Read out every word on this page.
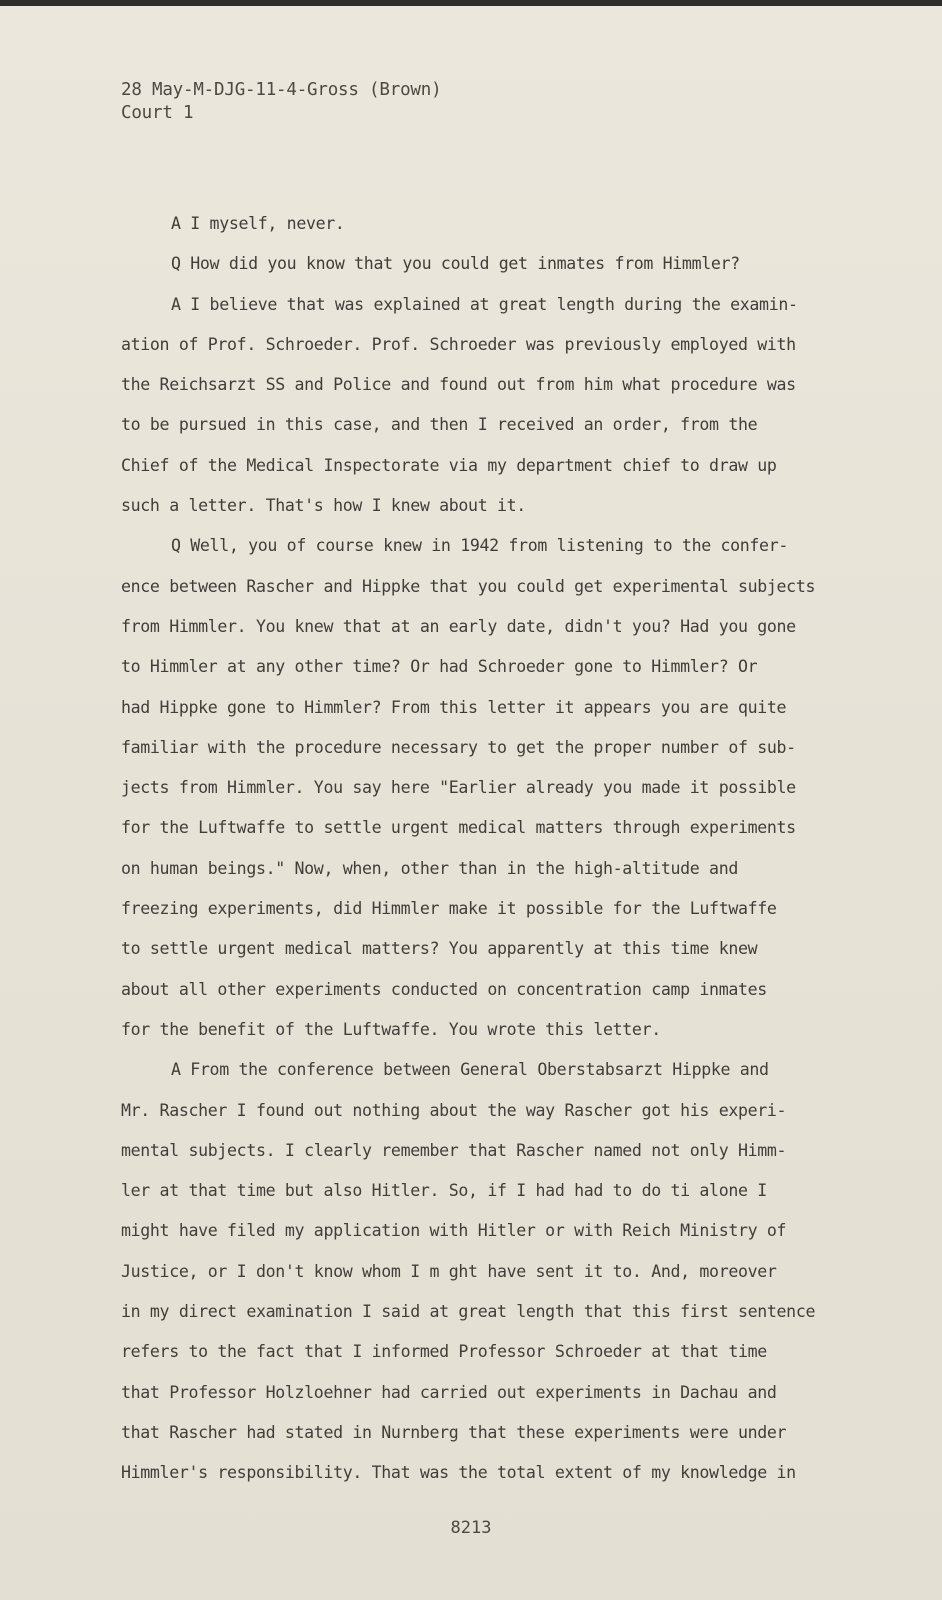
28 May-M-DJG-11-4-Gross (Brown)
Court 1
A I myself, never.
Q How did you know that you could get inmates from Himmler?
A I believe that was explained at great length during the examin-
ation of Prof. Schroeder. Prof. Schroeder was previously employed with
the Reichsarzt SS and Police and found out from him what procedure was
to be pursued in this case, and then I received an order, from the
Chief of the Medical Inspectorate via my department chief to draw up
such a letter. That's how I knew about it.
Q Well, you of course knew in 1942 from listening to the confer-
ence between Rascher and Hippke that you could get experimental subjects
from Himmler. You knew that at an early date, didn't you? Had you gone
to Himmler at any other time? Or had Schroeder gone to Himmler? Or
had Hippke gone to Himmler? From this letter it appears you are quite
familiar with the procedure necessary to get the proper number of sub-
jects from Himmler. You say here "Earlier already you made it possible
for the Luftwaffe to settle urgent medical matters through experiments
on human beings." Now, when, other than in the high-altitude and
freezing experiments, did Himmler make it possible for the Luftwaffe
to settle urgent medical matters? You apparently at this time knew
about all other experiments conducted on concentration camp inmates
for the benefit of the Luftwaffe. You wrote this letter.
A From the conference between General Oberstabsarzt Hippke and
Mr. Rascher I found out nothing about the way Rascher got his experi-
mental subjects. I clearly remember that Rascher named not only Himm-
ler at that time but also Hitler. So, if I had had to do ti alone I
might have filed my application with Hitler or with Reich Ministry of
Justice, or I don't know whom I m ght have sent it to. And, moreover
in my direct examination I said at great length that this first sentence
refers to the fact that I informed Professor Schroeder at that time
that Professor Holzloehner had carried out experiments in Dachau and
that Rascher had stated in Nurnberg that these experiments were under
Himmler's responsibility. That was the total extent of my knowledge in
8213
